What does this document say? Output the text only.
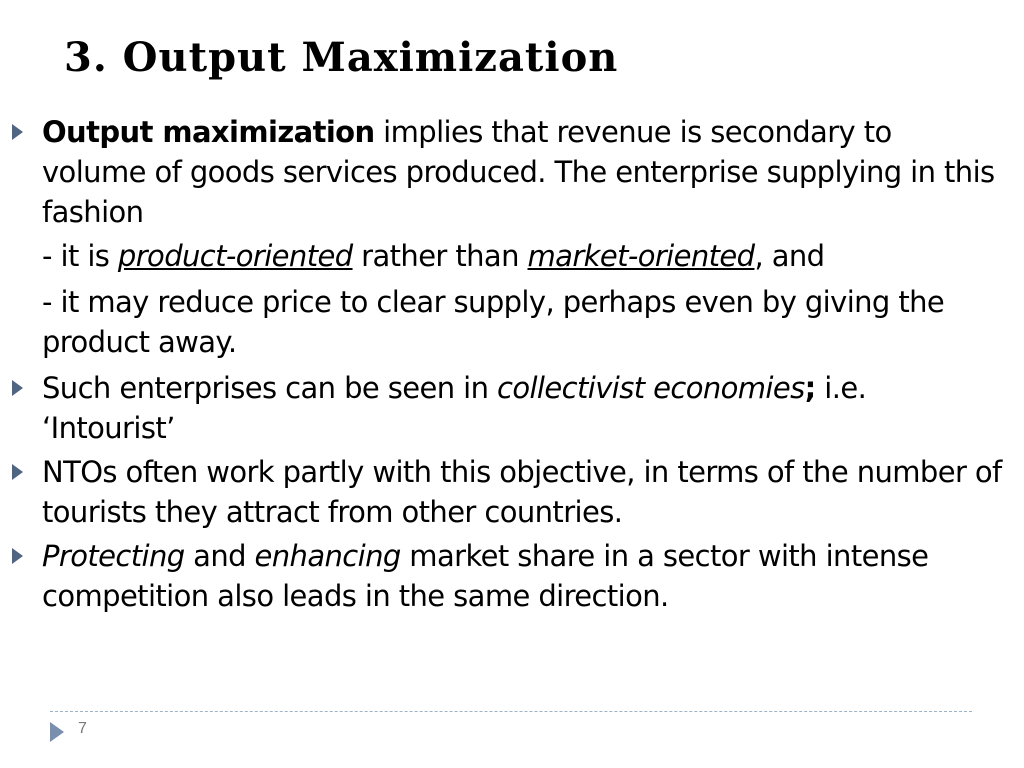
3. Output Maximization
Output maximization implies that revenue is secondary to volume of goods services produced. The enterprise supplying in this fashion
- it is product-oriented rather than market-oriented, and
- it may reduce price to clear supply, perhaps even by giving the product away.
Such enterprises can be seen in collectivist economies; i.e. ‘Intourist’
NTOs often work partly with this objective, in terms of the number of tourists they attract from other countries.
Protecting and enhancing market share in a sector with intense competition also leads in the same direction.
7
